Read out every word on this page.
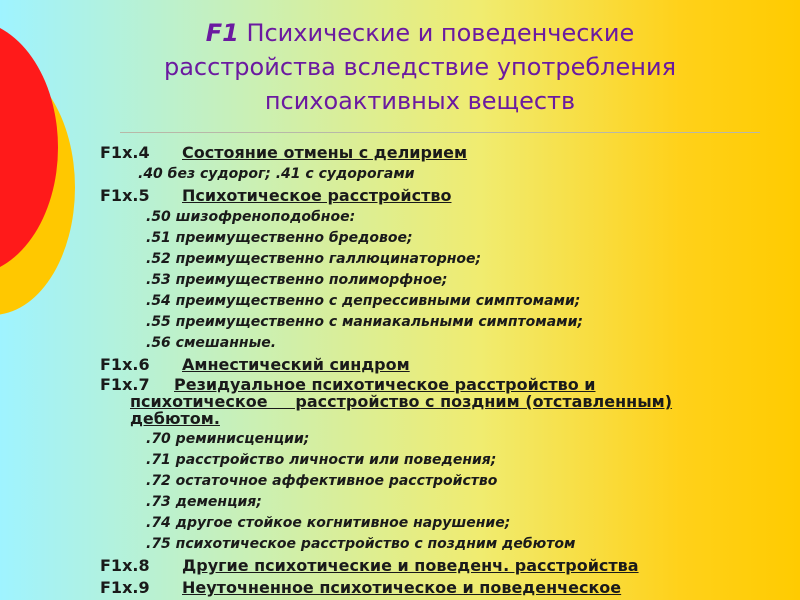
F1 Психические и поведенческие расстройства вследствие употребления психоактивных веществ
F1x.4 Состояние отмены с делирием
.40 без судорог; .41 с судорогами
F1x.5 Психотическое расстройство
.50 шизофреноподобное:
.51 преимущественно бредовое;
.52 преимущественно галлюцинаторное;
.53 преимущественно полиморфное;
.54 преимущественно с депрессивными симптомами;
.55 преимущественно с маниакальными симптомами;
.56 смешанные.
F1x.6 Амнестический синдром
F1x.7 Резидуальное психотическое расстройство и
психотическое     расстройство с поздним (отставленным)
дебютом.
.70 реминисценции;
.71 расстройство личности или поведения;
.72 остаточное аффективное расстройство
.73 деменция;
.74 другое стойкое когнитивное нарушение;
.75 психотическое расстройство с поздним дебютом
F1x.8 Другие психотические и поведенч. расстройства
F1x.9 Неуточненное психотическое и поведенческое
